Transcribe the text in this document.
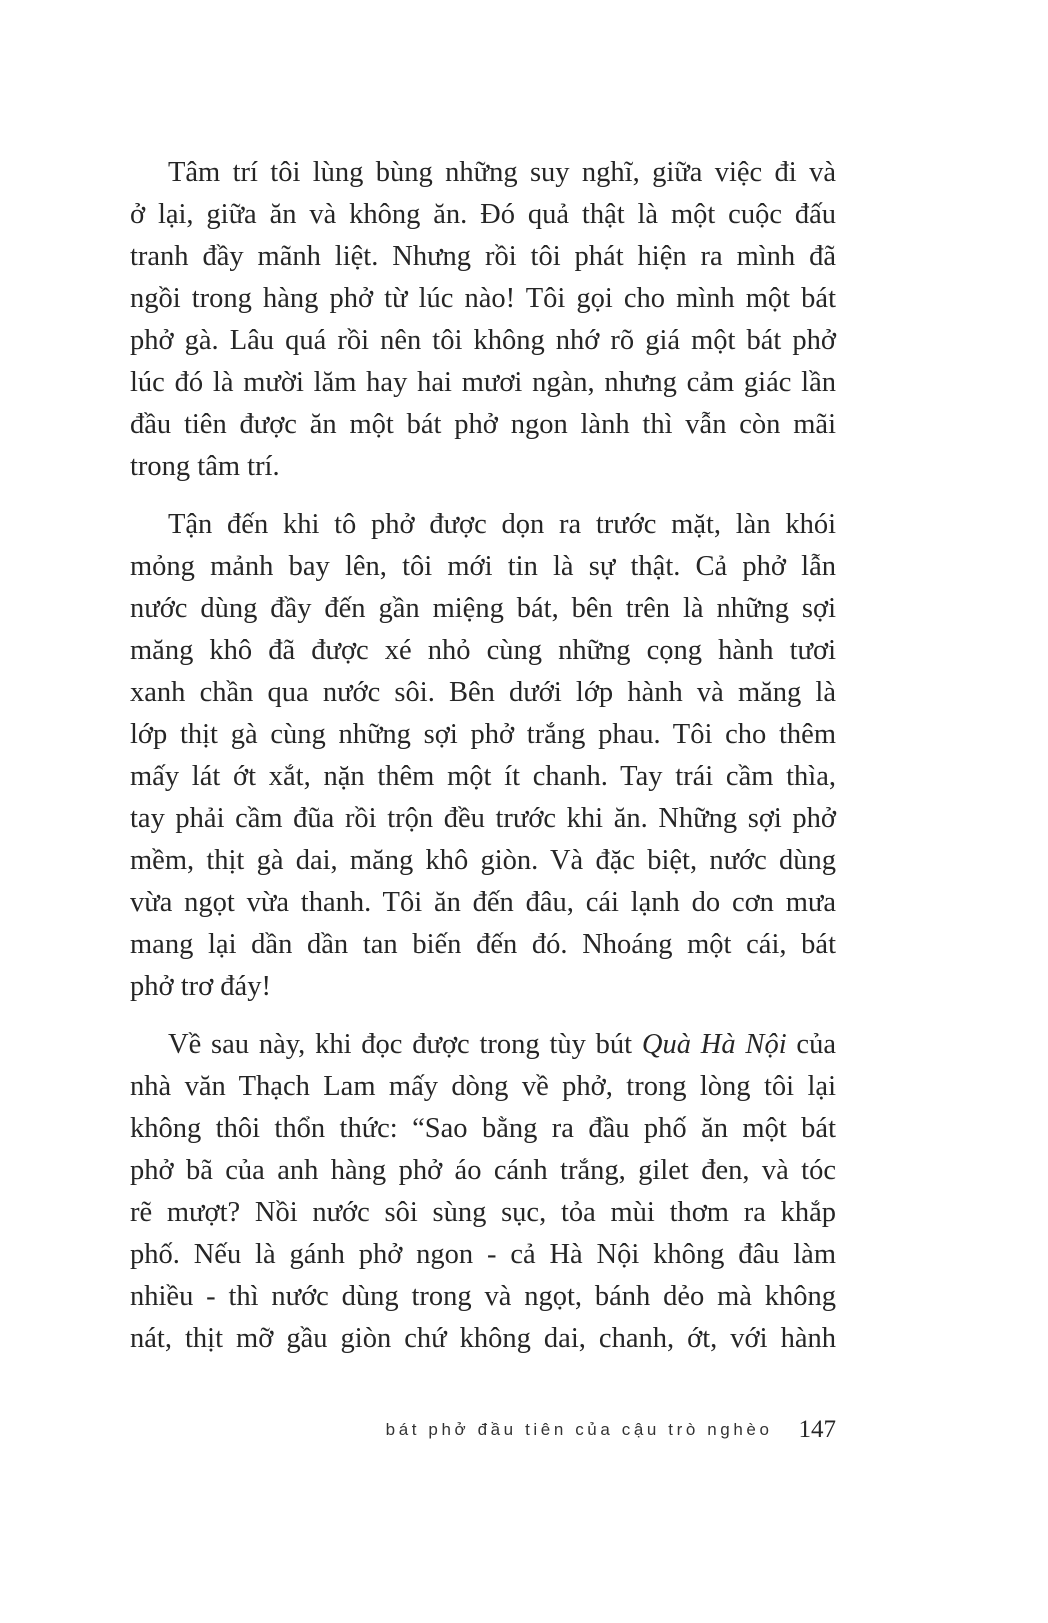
Tâm trí tôi lùng bùng những suy nghĩ, giữa việc đi và
ở lại, giữa ăn và không ăn. Đó quả thật là một cuộc đấu
tranh đầy mãnh liệt. Nhưng rồi tôi phát hiện ra mình đã
ngồi trong hàng phở từ lúc nào! Tôi gọi cho mình một bát
phở gà. Lâu quá rồi nên tôi không nhớ rõ giá một bát phở
lúc đó là mười lăm hay hai mươi ngàn, nhưng cảm giác lần
đầu tiên được ăn một bát phở ngon lành thì vẫn còn mãi
trong tâm trí.
Tận đến khi tô phở được dọn ra trước mặt, làn khói
mỏng mảnh bay lên, tôi mới tin là sự thật. Cả phở lẫn
nước dùng đầy đến gần miệng bát, bên trên là những sợi
măng khô đã được xé nhỏ cùng những cọng hành tươi
xanh chần qua nước sôi. Bên dưới lớp hành và măng là
lớp thịt gà cùng những sợi phở trắng phau. Tôi cho thêm
mấy lát ớt xắt, nặn thêm một ít chanh. Tay trái cầm thìa,
tay phải cầm đũa rồi trộn đều trước khi ăn. Những sợi phở
mềm, thịt gà dai, măng khô giòn. Và đặc biệt, nước dùng
vừa ngọt vừa thanh. Tôi ăn đến đâu, cái lạnh do cơn mưa
mang lại dần dần tan biến đến đó. Nhoáng một cái, bát
phở trơ đáy!
Về sau này, khi đọc được trong tùy bút Quà Hà Nội của
nhà văn Thạch Lam mấy dòng về phở, trong lòng tôi lại
không thôi thổn thức: “Sao bằng ra đầu phố ăn một bát
phở bã của anh hàng phở áo cánh trắng, gilet đen, và tóc
rẽ mượt? Nồi nước sôi sùng sục, tỏa mùi thơm ra khắp
phố. Nếu là gánh phở ngon - cả Hà Nội không đâu làm
nhiều - thì nước dùng trong và ngọt, bánh dẻo mà không
nát, thịt mỡ gầu giòn chứ không dai, chanh, ớt, với hành
bát phở đầu tiên của cậu trò nghèo 147
